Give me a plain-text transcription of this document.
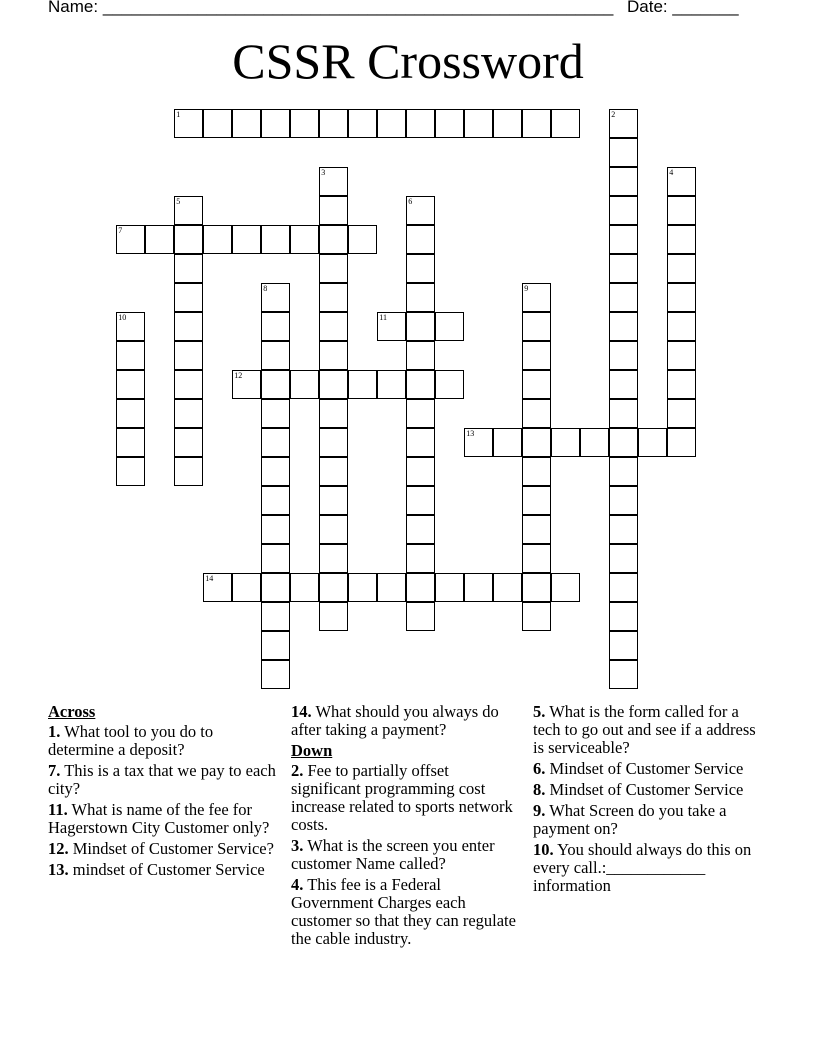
Name: ______________________________________________________ Date: _______
CSSR Crossword
1	2
3	4
5	6
7
8	9
10	11
12
13
14
Across
1. What tool to you do to determine a deposit?
7. This is a tax that we pay to each city?
11. What is name of the fee for Hagerstown City Customer only?
12. Mindset of Customer Service?
13. mindset of Customer Service
14. What should you always do after taking a payment?
Down
2. Fee to partially offset significant programming cost increase related to sports network costs.
3. What is the screen you enter customer Name called?
4. This fee is a Federal Government Charges each customer so that they can regulate the cable industry.
5. What is the form called for a tech to go out and see if a address is serviceable?
6. Mindset of Customer Service
8. Mindset of Customer Service
9. What Screen do you take a payment on?
10. You should always do this on every call.:____________ information
